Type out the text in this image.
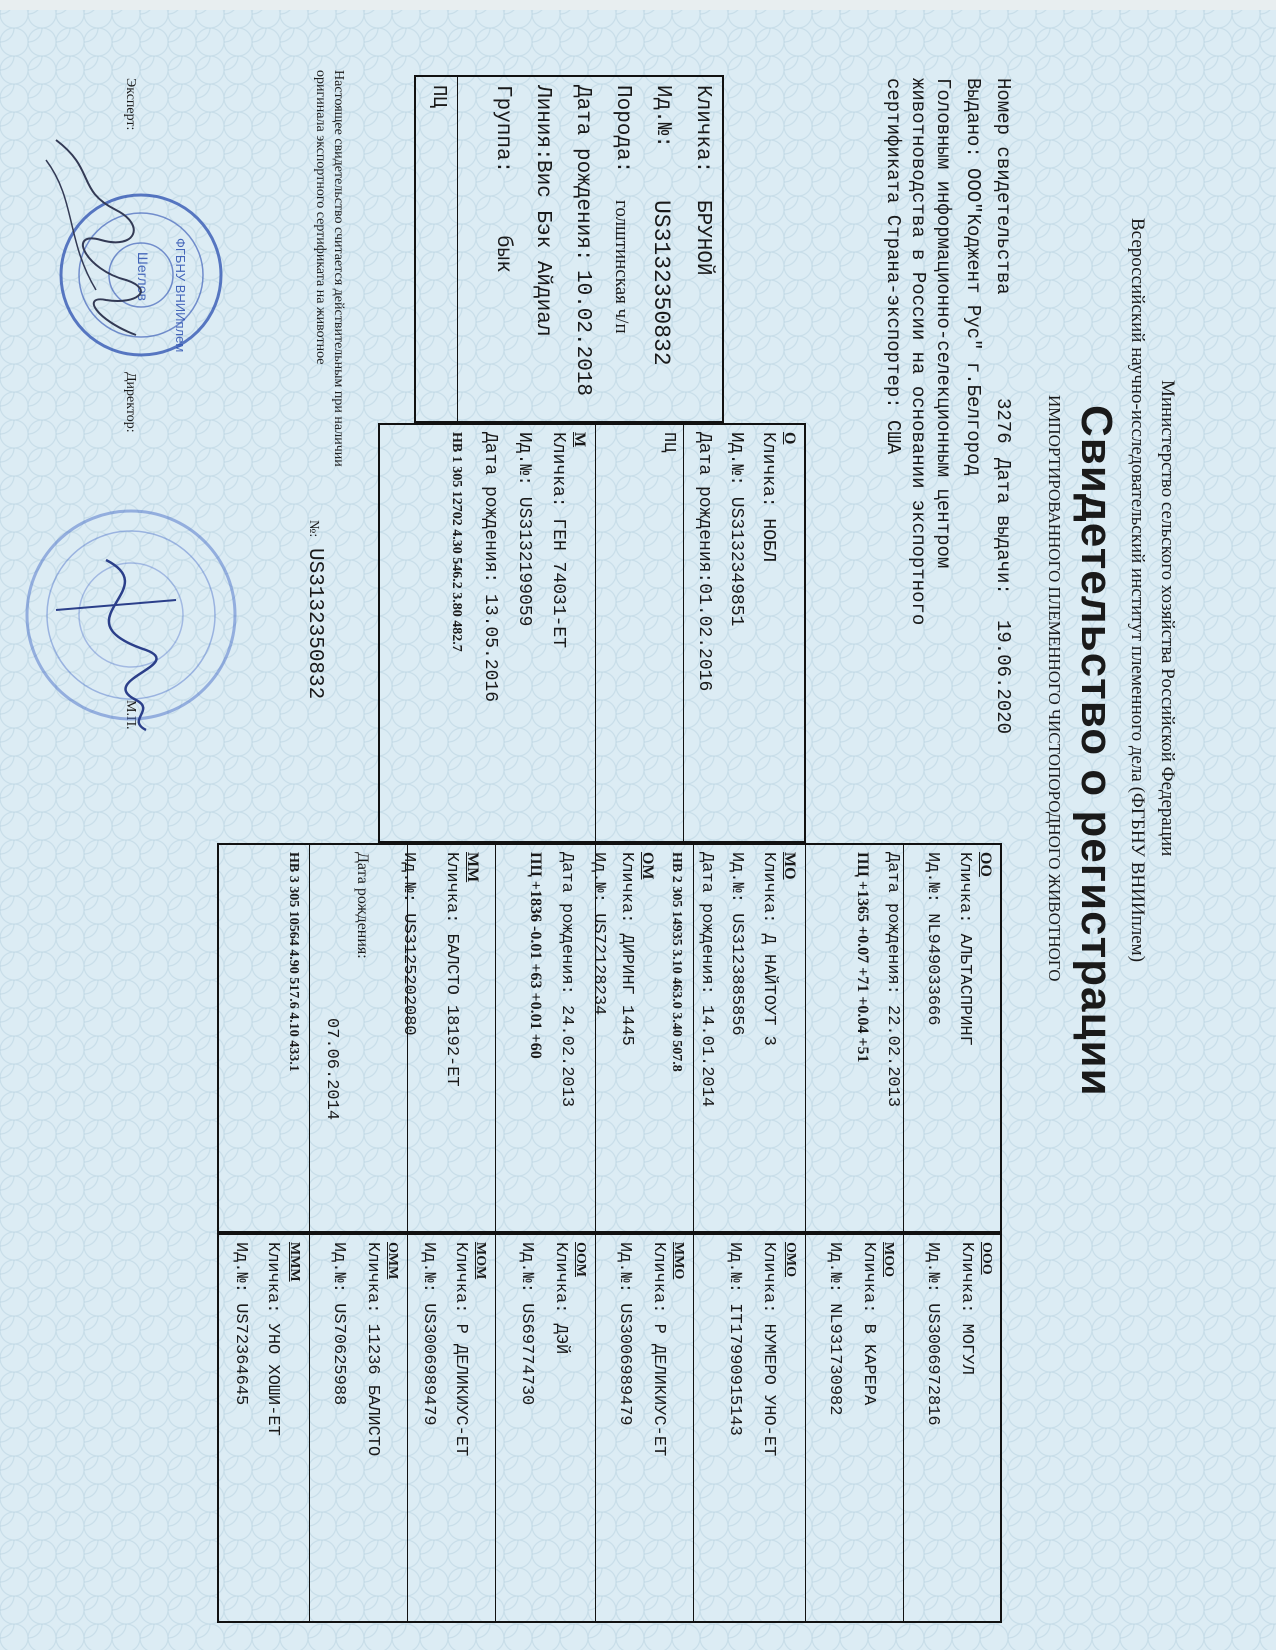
Министерство сельского хозяйства Российской Федерации
Всероссийский научно-исследовательский институт племенного дела (ФГБНУ ВНИИплем)
Свидетельство о регистрации
ИМПОРТИРОВАННОГО ПЛЕМЕННОГО ЧИСТОПОРОДНОГО ЖИВОТНОГО
Номер свидетельства
3276
Дата выдачи:
19.06.2020
Выдано:
ООО"Коджент Рус" г.Белгород
Головным информационно-селекционным центром
животноводства в России на основании экспортного
сертификата Страна-экспортер: США
Кличка:
БРУНОЙ
Ид.№:
US3132350832
Порода:
голштинская ч/п
Дата рождения:
10.02.2018
Линия:
Вис Бэк Айдиал
Группа:
бык
ПЦ
О
Кличка: НОБЛ
Ид.№: US3132349851
Дата рождения:01.02.2016
ПЦ
М
Кличка: ГЕН 74031-ЕТ
Ид.№: US3132199059
Дата рождения: 13.05.2016
НВ 1 305 12702 4.30 546.2 3.80 482.7
ОО
Кличка: АЛЬТАСПРИНГ
Ид.№: NL949033666
Дата рождения: 22.02.2013
ПЦ +1365 +0.07 +71 +0.04 +51
МО
Кличка: Д НАЙТОУТ 3
Ид.№: US3123885856
Дата рождения: 14.01.2014
НВ 2 305 14935 3.10 463.0 3.40 507.8
ОМ
Кличка: ДИРИНГ 1445
Ид.№: US72128234
Дата рождения: 24.02.2013
ПЦ +1836 -0.01 +63 +0.01 +60
ММ
Кличка: БАЛСТО 18192-ЕТ
Ид.№: US3125202080
Дата рождения:
07.06.2014
НВ 3 305 10564 4.90 517.6 4.10 433.1
ООО
Кличка: МОГУЛ
Ид.№: US3006972816
МОО
Кличка: В КАРЕРА
Ид.№: NL931730982
ОМО
Кличка: НУМЕРО УНО-ЕТ
Ид.№: IT17990915143
ММО
Кличка: Р ДЕЛИКИУС-ЕТ
Ид.№: US3006989479
ООМ
Кличка: ДЭЙ
Ид.№: US69774730
МОМ
Кличка: Р ДЕЛИКИУС-ЕТ
Ид.№: US3006989479
ОММ
Кличка: 11236 БАЛИСТО
Ид.№: US70625988
МММ
Кличка: УНО ХОШИ-ЕТ
Ид.№: US72364645
Настоящее свидетельство считается действительным при наличии
оригинала экспортного сертификата на животное
№:
US3132350832
Эксперт:
Директор:
М.П.
ФГБНУ ВНИИплем
Шеглов
